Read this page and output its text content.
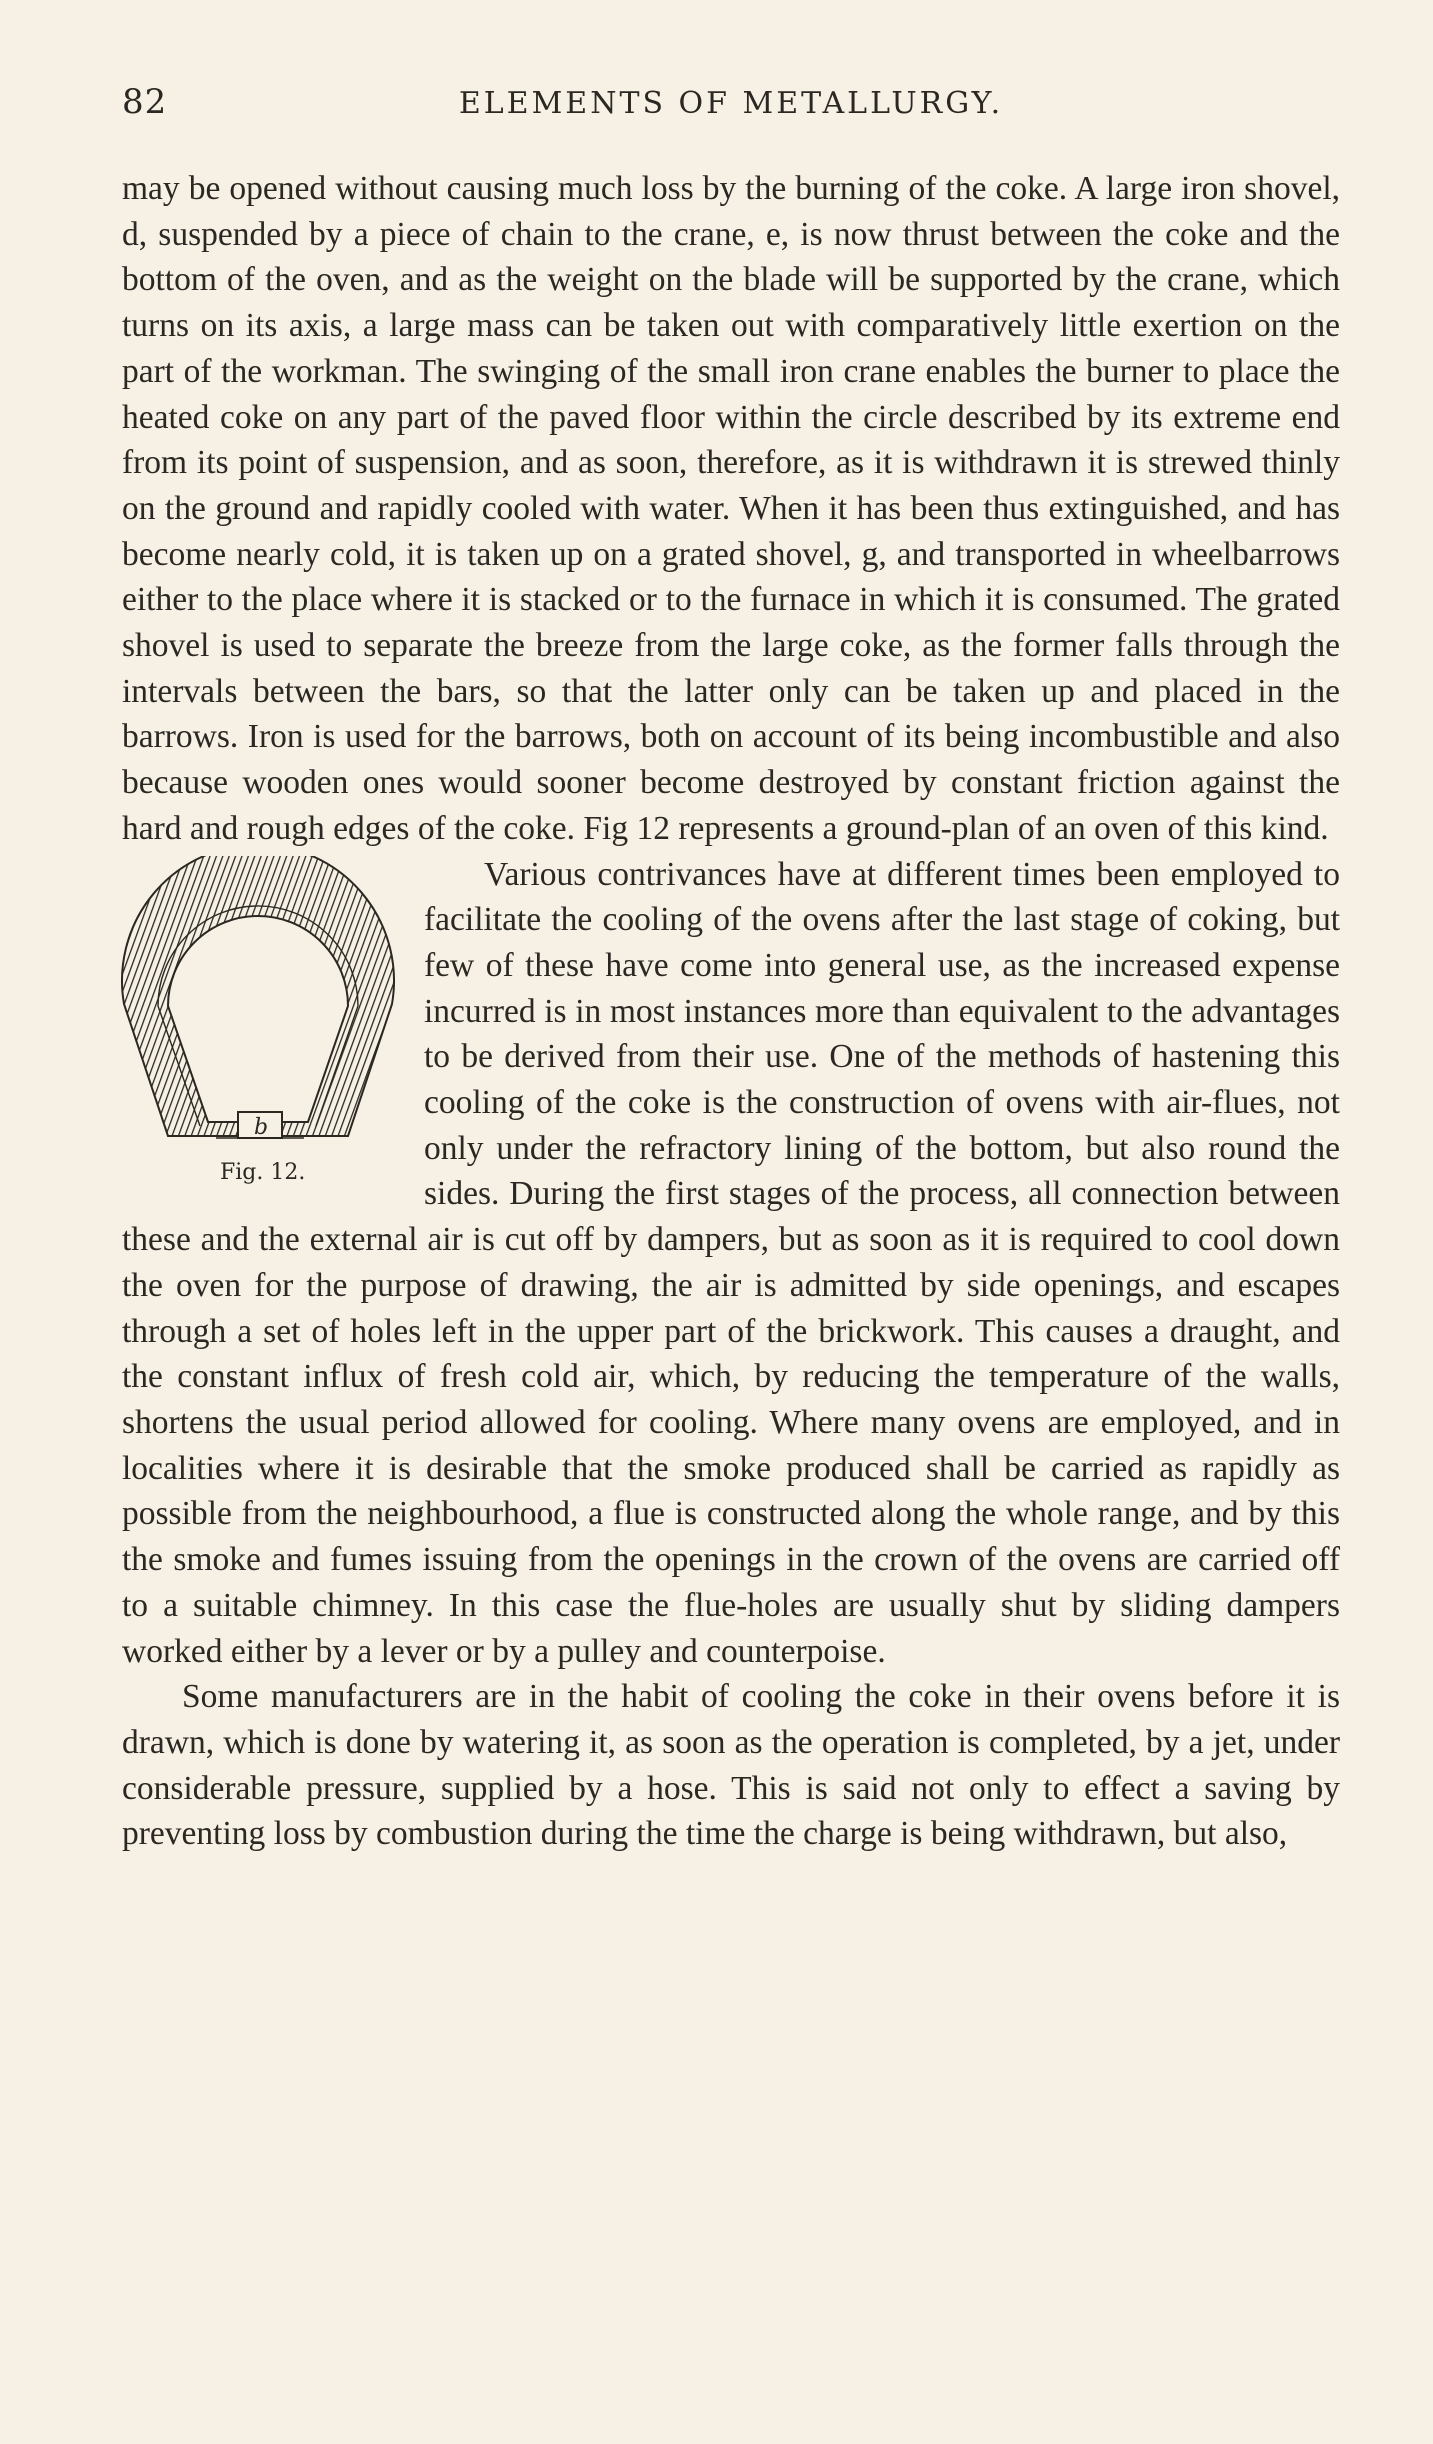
82	ELEMENTS OF METALLURGY.

may be opened without causing much loss by the burning of the coke. A large iron shovel, d, suspended by a piece of chain to the crane, e, is now thrust between the coke and the bottom of the oven, and as the weight on the blade will be supported by the crane, which turns on its axis, a large mass can be taken out with comparatively little exertion on the part of the workman. The swinging of the small iron crane enables the burner to place the heated coke on any part of the paved floor within the circle described by its extreme end from its point of suspension, and as soon, therefore, as it is withdrawn it is strewed thinly on the ground and rapidly cooled with water. When it has been thus extinguished, and has become nearly cold, it is taken up on a grated shovel, g, and transported in wheelbarrows either to the place where it is stacked or to the furnace in which it is consumed. The grated shovel is used to separate the breeze from the large coke, as the former falls through the intervals between the bars, so that the latter only can be taken up and placed in the barrows. Iron is used for the barrows, both on account of its being incombustible and also because wooden ones would sooner become destroyed by constant friction against the hard and rough edges of the coke. Fig 12 represents a ground-plan of an oven of this kind.

b
Fig. 12.

Various contrivances have at different times been employed to facilitate the cooling of the ovens after the last stage of coking, but few of these have come into general use, as the increased expense incurred is in most instances more than equivalent to the advantages to be derived from their use. One of the methods of hastening this cooling of the coke is the construction of ovens with air-flues, not only under the refractory lining of the bottom, but also round the sides. During the first stages of the process, all connection between these and the external air is cut off by dampers, but as soon as it is required to cool down the oven for the purpose of drawing, the air is admitted by side openings, and escapes through a set of holes left in the upper part of the brickwork. This causes a draught, and the constant influx of fresh cold air, which, by reducing the temperature of the walls, shortens the usual period allowed for cooling. Where many ovens are employed, and in localities where it is desirable that the smoke produced shall be carried as rapidly as possible from the neighbourhood, a flue is constructed along the whole range, and by this the smoke and fumes issuing from the openings in the crown of the ovens are carried off to a suitable chimney. In this case the flue-holes are usually shut by sliding dampers worked either by a lever or by a pulley and counterpoise.

Some manufacturers are in the habit of cooling the coke in their ovens before it is drawn, which is done by watering it, as soon as the operation is completed, by a jet, under considerable pressure, supplied by a hose. This is said not only to effect a saving by preventing loss by combustion during the time the charge is being withdrawn, but also,
